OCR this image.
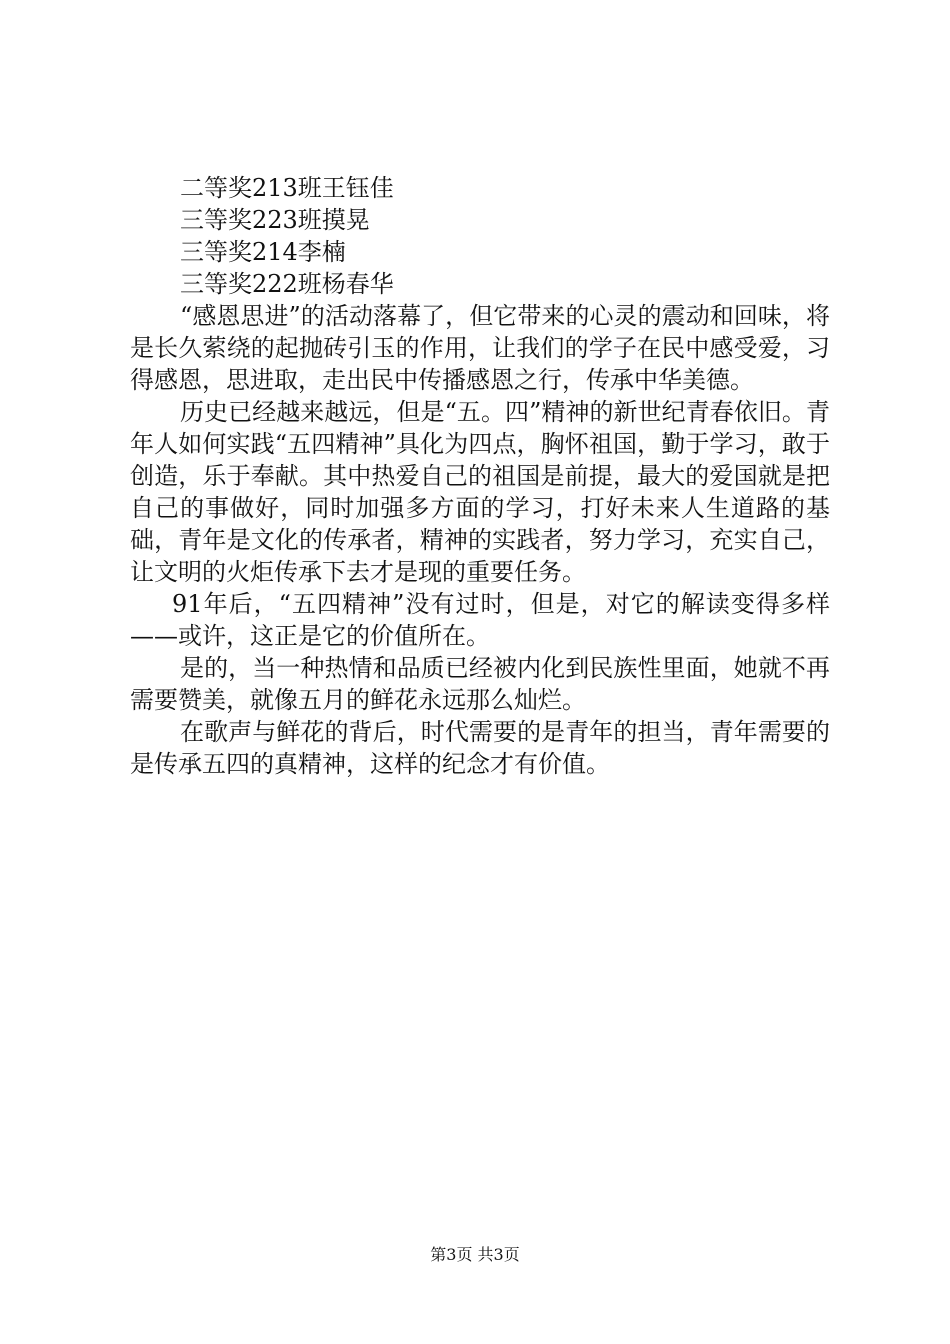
二等奖213班王钰佳

三等奖223班摸晃

三等奖214李楠

三等奖222班杨春华

“感恩思进”的活动落幕了，但它带来的心灵的震动和回味，将是长久萦绕的起抛砖引玉的作用，让我们的学子在民中感受爱，习得感恩，思进取，走出民中传播感恩之行，传承中华美德。

历史已经越来越远，但是“五。四”精神的新世纪青春依旧。青年人如何实践“五四精神”具化为四点，胸怀祖国，勤于学习，敢于创造，乐于奉献。其中热爱自己的祖国是前提，最大的爱国就是把自己的事做好，同时加强多方面的学习，打好未来人生道路的基础，青年是文化的传承者，精神的实践者，努力学习，充实自己，让文明的火炬传承下去才是现的重要任务。

91年后，“五四精神”没有过时，但是，对它的解读变得多样——或许，这正是它的价值所在。

是的，当一种热情和品质已经被内化到民族性里面，她就不再需要赞美，就像五月的鲜花永远那么灿烂。

在歌声与鲜花的背后，时代需要的是青年的担当，青年需要的是传承五四的真精神，这样的纪念才有价值。

第3页 共3页
